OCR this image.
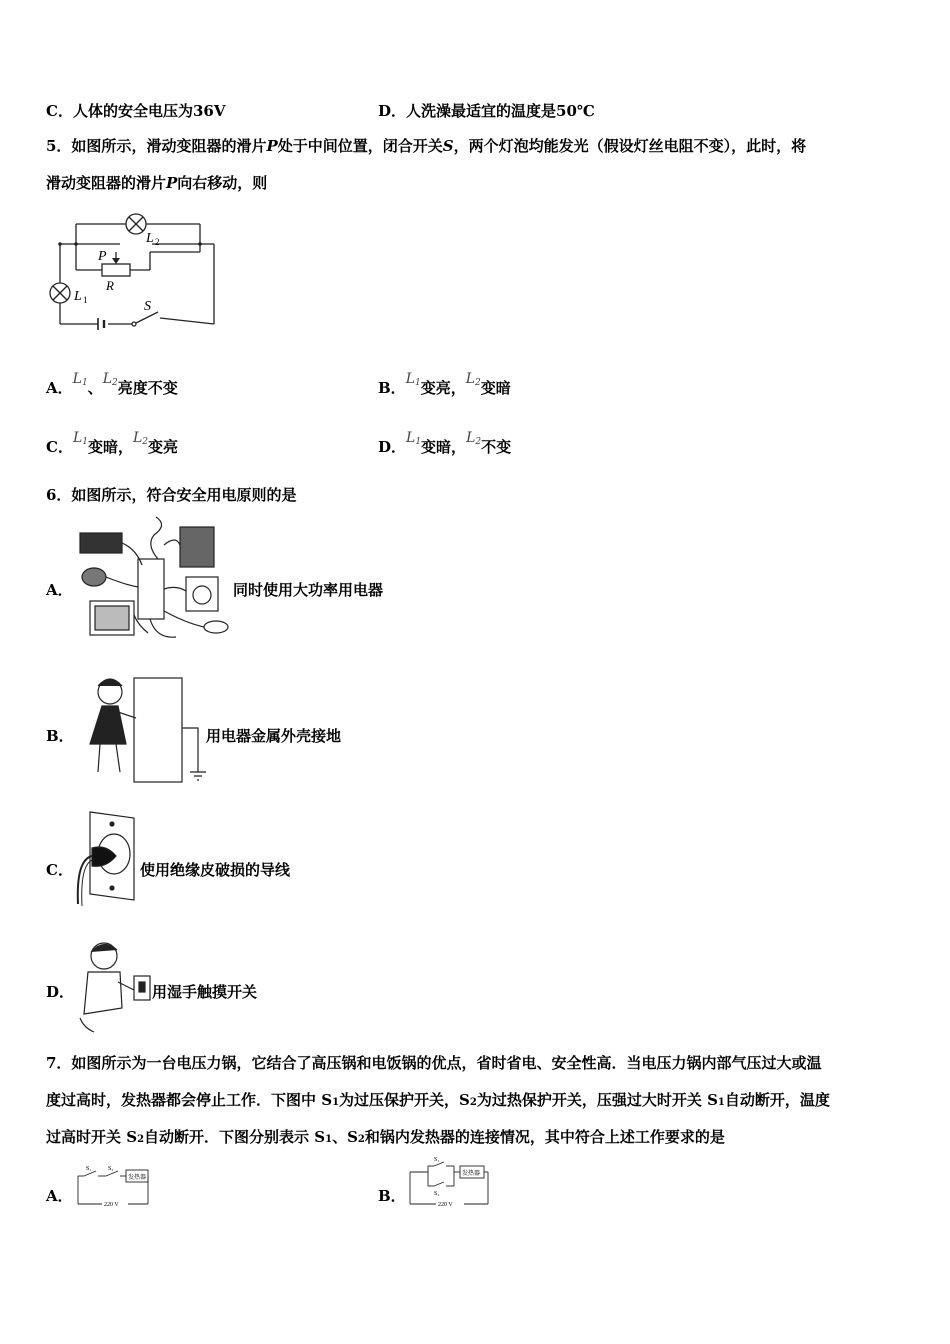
C．人体的安全电压为36V	D．人洗澡最适宜的温度是50℃
5．如图所示，滑动变阻器的滑片P处于中间位置，闭合开关S，两个灯泡均能发光（假设灯丝电阻不变），此时，将
滑动变阻器的滑片P向右移动，则
L 2
P
R
L 1	S
A．$L^1$、$L^2$亮度不变	B．$L^1$变亮，$L^2$变暗
C．$L^1$变暗，$L^2$变亮	D．$L^1$变暗，$L^2$不变
6．如图所示，符合安全用电原则的是
A．	同时使用大功率用电器
B．	用电器金属外壳接地
C．	使用绝缘皮破损的导线
D．	用湿手触摸开关
7．如图所示为一台电压力锅，它结合了高压锅和电饭锅的优点，省时省电、安全性高．当电压力锅内部气压过大或温
度过高时，发热器都会停止工作．下图中 S1为过压保护开关，S2为过热保护开关，压强过大时开关 S1自动断开，温度
过高时开关 S2自动断开．下图分别表示 S1、S2和锅内发热器的连接情况，其中符合上述工作要求的是
A．
S₁	S₂
发热器
220 V	B．
S₁
S₂
发热器
220 V
